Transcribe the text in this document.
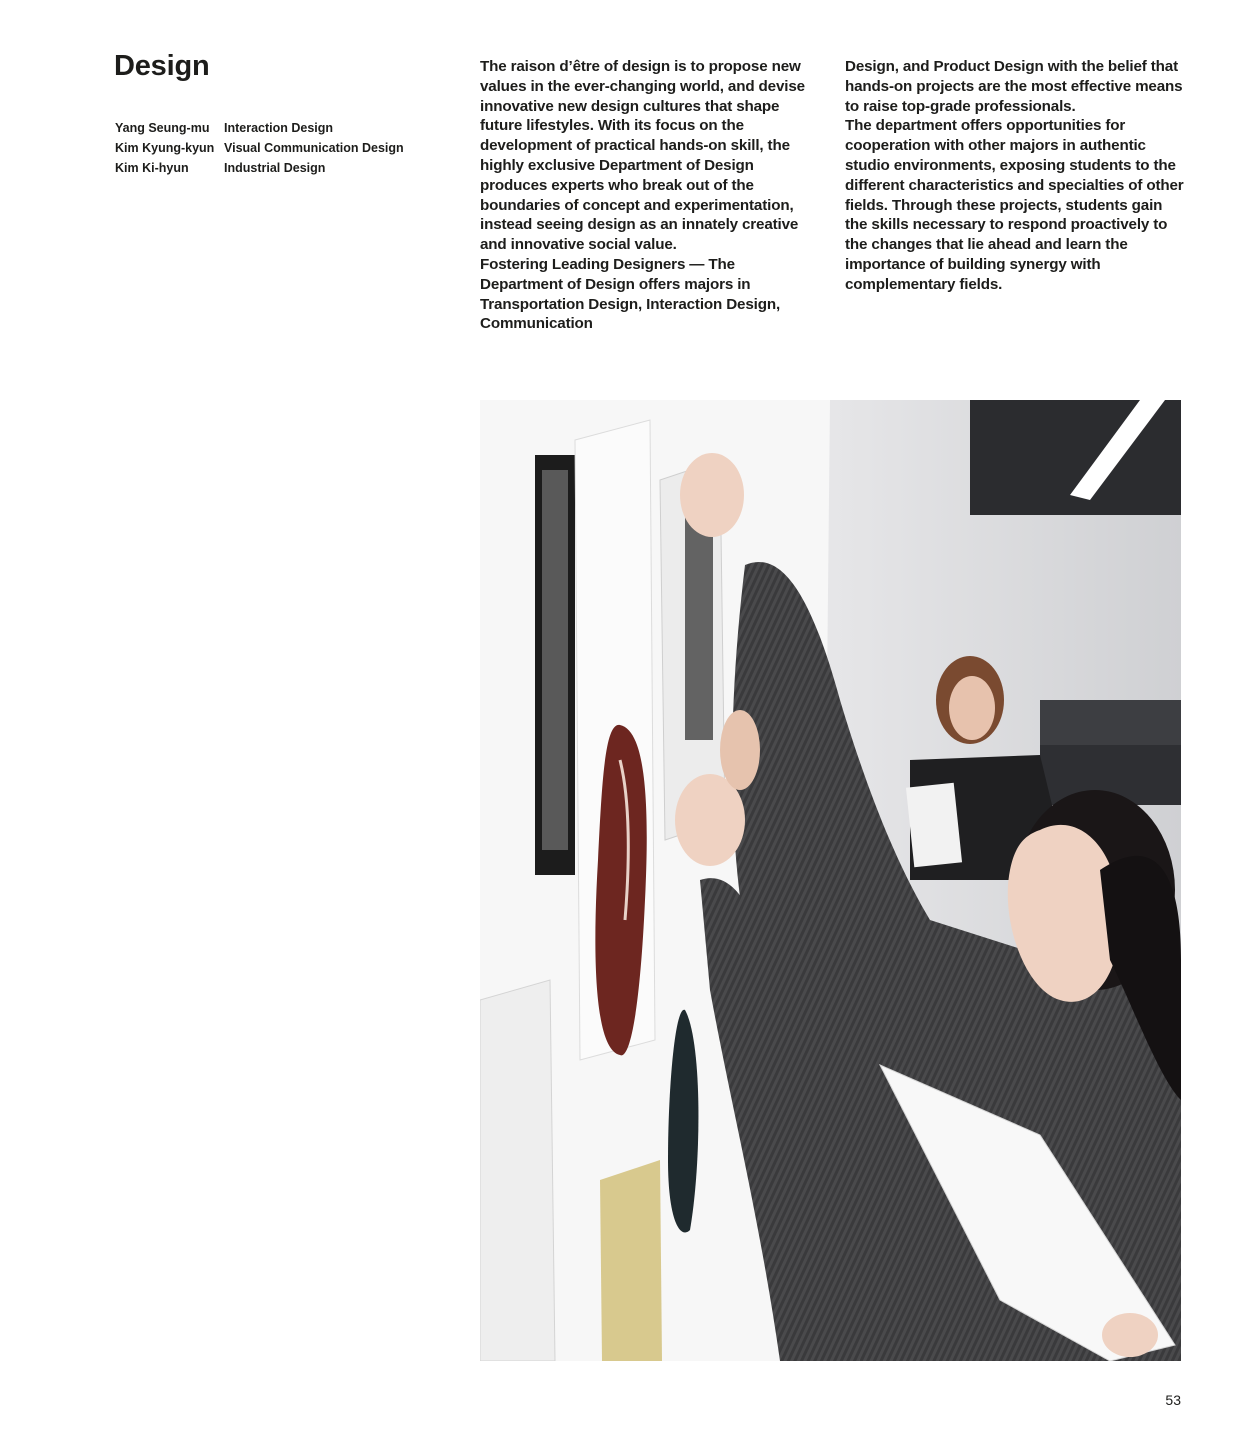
Design
Yang Seung-mu	Interaction Design
Kim Kyung-kyun	Visual Communication Design
Kim Ki-hyun	Industrial Design

The raison d’être of design is to propose new values in the ever-changing world, and devise innovative new design cultures that shape future lifestyles. With its focus on the development of practical hands-on skill, the highly exclusive Department of Design produces experts who break out of the boundaries of concept and experimentation, instead seeing design as an innately creative and innovative social value.

Fostering Leading Designers — The Department of Design offers majors in Transportation Design, Interaction Design, Communication

Design, and Product Design with the belief that hands-on projects are the most effective means to raise top-grade professionals.

The department offers opportunities for cooperation with other majors in authentic studio environments, exposing students to the different characteristics and specialties of other fields. Through these projects, students gain the skills necessary to respond proactively to the changes that lie ahead and learn the importance of building synergy with complementary fields.

53
